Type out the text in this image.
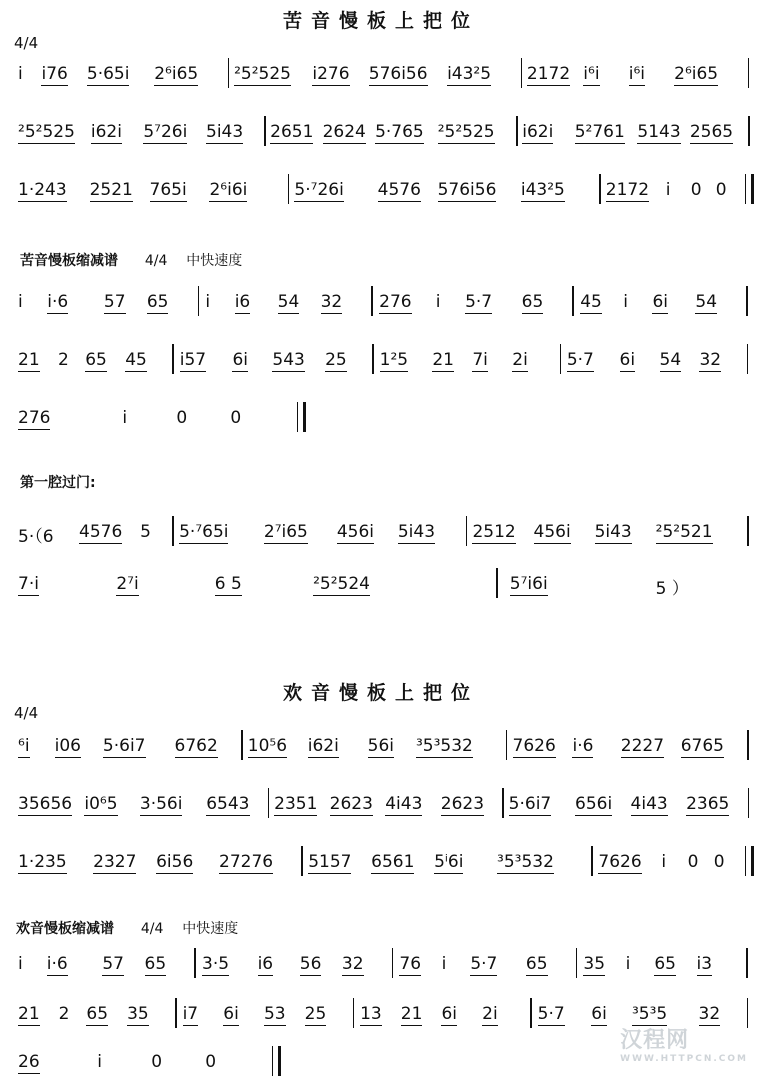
苦音慢板上把位
4/4
i i76 5·65i 2⁶i65 ²5²525 i276 576i56 i43²5 2172 i⁶i i⁶i 2⁶i65
²5²525 i62i 5⁷26i 5i43 2651 2624 5·765 ²5²525 i62i 5²761 5143 2565
1·243 2521 765i 2⁶i6i	5·⁷26i 4576 576i56 i43²5 2172 i 0 0
苦音慢板缩减谱 4/4 中快速度
i i·6 57 65 i i6 54 32 276 i 5·7 65 45 i 6i 54
21 2 65 45 i57 6i 543 25 1²5 21 7i 2i 5·7 6i 54 32
276	i	0	0
第一腔过门:
5·（6 4576 5 5·⁷65i 2⁷i65 456i 5i43 2512 456i 5i43 ²5²521
7·i	2⁷i	6 5	²5²524	5⁷i6i	5 ）
欢音慢板上把位
4/4
⁶i i06 5·6i7 6762 10⁵6 i62i 56i ³5³532 7626 i·6 2227 6765
35656 i0⁶5 3·56i 6543 2351 2623 4i43 2623 5·6i7 656i 4i43 2365
1·235 2327 6i56 27276 5157 6561 5ⁱ6i ³5³532	7626 i 0 0
欢音慢板缩减谱 4/4 中快速度
i i·6 57 65 3·5 i6 56 32 76 i 5·7 65 35 i 65 i3
21 2 65 35 i7 6i 53 25 13 21 6i 2i 5·7 6i ³5³5 32
26	i	0	0
汉程网
WWW.HTTPCN.COM
